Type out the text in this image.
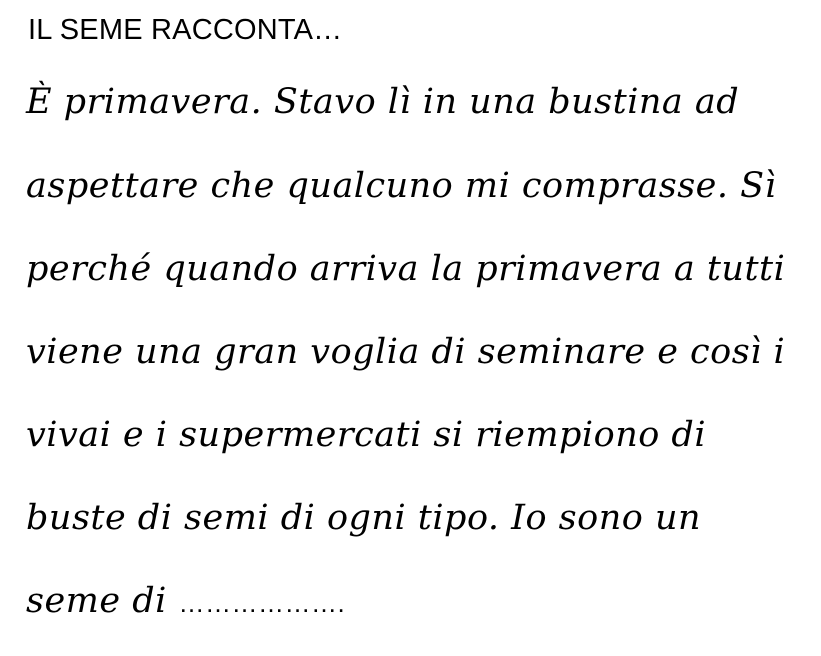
IL SEME RACCONTA…
È primavera. Stavo lì in una bustina ad
aspettare che qualcuno mi comprasse. Sì
perché quando arriva la primavera a tutti
viene una gran voglia di seminare e così i
vivai e i supermercati si riempiono di
buste di semi di ogni tipo. Io sono un
seme di ……………….
